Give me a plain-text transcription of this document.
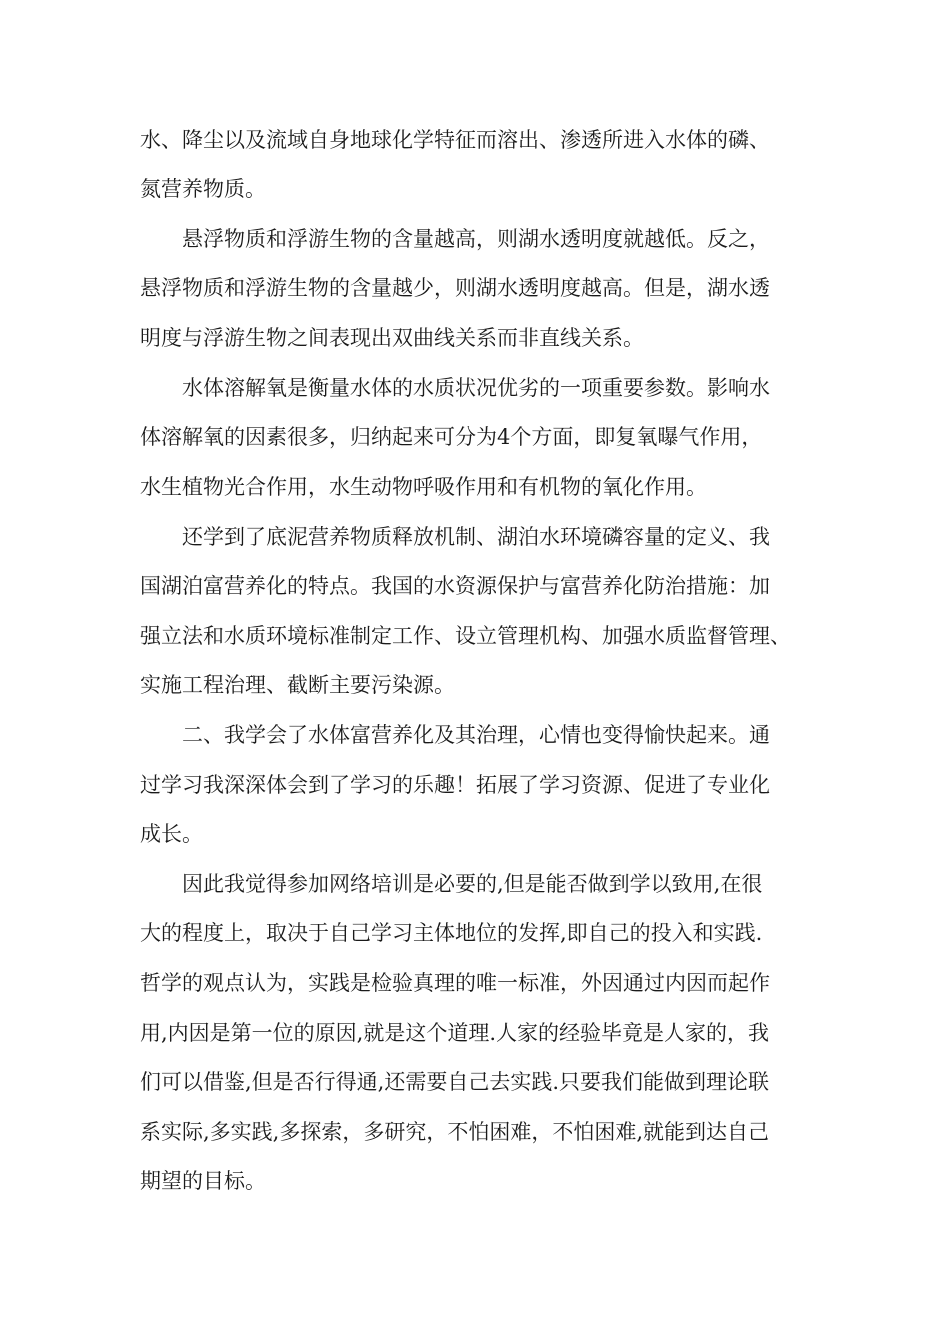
水、降尘以及流域自身地球化学特征而溶出、渗透所进入水体的磷、

氮营养物质。

悬浮物质和浮游生物的含量越高，则湖水透明度就越低。反之，

悬浮物质和浮游生物的含量越少，则湖水透明度越高。但是，湖水透

明度与浮游生物之间表现出双曲线关系而非直线关系。

水体溶解氧是衡量水体的水质状况优劣的一项重要参数。影响水

体溶解氧的因素很多，归纳起来可分为4个方面，即复氧曝气作用，

水生植物光合作用，水生动物呼吸作用和有机物的氧化作用。

还学到了底泥营养物质释放机制、湖泊水环境磷容量的定义、我

国湖泊富营养化的特点。我国的水资源保护与富营养化防治措施：加

强立法和水质环境标准制定工作、设立管理机构、加强水质监督管理、

实施工程治理、截断主要污染源。

二、我学会了水体富营养化及其治理，心情也变得愉快起来。通

过学习我深深体会到了学习的乐趣！拓展了学习资源、促进了专业化

成长。

因此我觉得参加网络培训是必要的,但是能否做到学以致用,在很

大的程度上，取决于自己学习主体地位的发挥,即自己的投入和实践.

哲学的观点认为，实践是检验真理的唯一标准，外因通过内因而起作

用,内因是第一位的原因,就是这个道理.人家的经验毕竟是人家的，我

们可以借鉴,但是否行得通,还需要自己去实践.只要我们能做到理论联

系实际,多实践,多探索，多研究，不怕困难，不怕困难,就能到达自己

期望的目标。
